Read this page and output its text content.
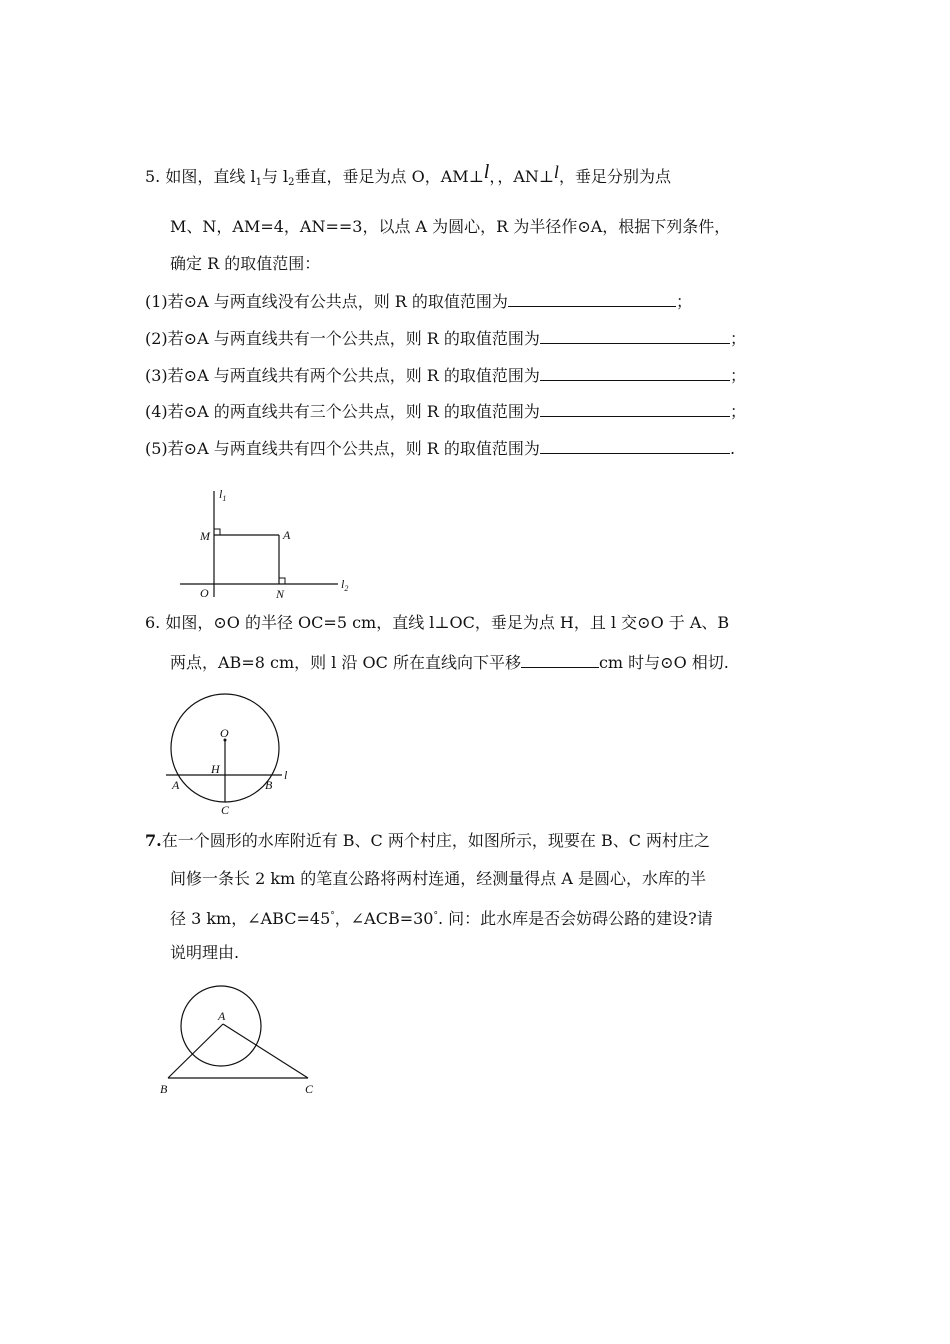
5. 如图，直线 $l_1$与 $l_2$垂直，垂足为点 O，AM⊥l，，AN⊥l，垂足分别为点
M、N，AM=4，AN==3，以点 A 为圆心，R 为半径作⊙A，根据下列条件，
确定 R 的取值范围：
(1)若⊙A 与两直线没有公共点，则 R 的取值范围为	；
(2)若⊙A 与两直线共有一个公共点，则 R 的取值范围为	；
(3)若⊙A 与两直线共有两个公共点，则 R 的取值范围为	；
(4)若⊙A 的两直线共有三个公共点，则 R 的取值范围为	；
(5)若⊙A 与两直线共有四个公共点，则 R 的取值范围为	.
$l_1$
$l_2$
M	A
O	N
6. 如图，⊙O 的半径 OC=5 cm，直线 l⊥OC，垂足为点 H，且 l 交⊙O 于 A、B
两点，AB=8 cm，则 l 沿 OC 所在直线向下平移	cm 时与⊙O 相切.
O
H
A	B
C
l
7.在一个圆形的水库附近有 B、C 两个村庄，如图所示，现要在 B、C 两村庄之
间修一条长 2 km 的笔直公路将两村连通，经测量得点 A 是圆心，水库的半
径 3 km，∠ABC=45°，∠ACB=30°. 问：此水库是否会妨碍公路的建设?请
说明理由.
A
B	C
